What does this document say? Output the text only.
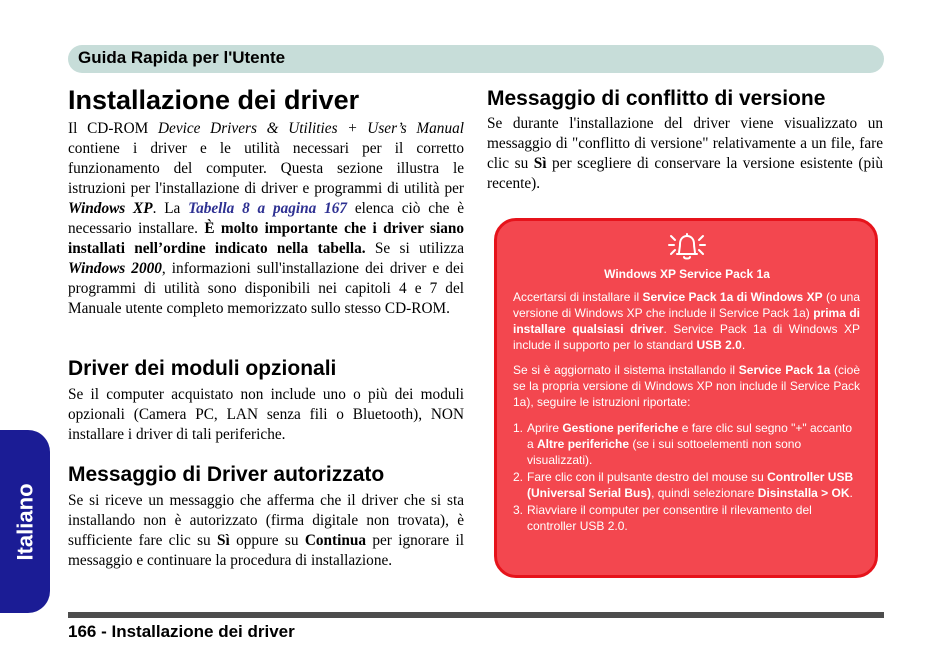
Guida Rapida per l'Utente
Italiano
Installazione dei driver

Il CD-ROM Device Drivers & Utilities + User’s Manual contiene i driver e le utilità necessari per il corretto funzionamento del computer. Questa sezione illustra le istruzioni per l'installazione di driver e programmi di utilità per Windows XP. La Tabella 8 a pagina 167 elenca ciò che è necessario installare. È molto importante che i driver siano installati nell’ordine indicato nella tabella. Se si utilizza Windows 2000, informazioni sull'installazione dei driver e dei programmi di utilità sono disponibili nei capitoli 4 e 7 del Manuale utente completo memorizzato sullo stesso CD-ROM.

Driver dei moduli opzionali

Se il computer acquistato non include uno o più dei moduli opzionali (Camera PC, LAN senza fili o Bluetooth), NON installare i driver di tali periferiche.

Messaggio di Driver autorizzato

Se si riceve un messaggio che afferma che il driver che si sta installando non è autorizzato (firma digitale non trovata), è sufficiente fare clic su Sì oppure su Continua per ignorare il messaggio e continuare la procedura di installazione.

Messaggio di conflitto di versione

Se durante l'installazione del driver viene visualizzato un messaggio di "conflitto di versione" relativamente a un file, fare clic su Sì per scegliere di conservare la versione esistente (più recente).

Windows XP Service Pack 1a

Accertarsi di installare il Service Pack 1a di Windows XP (o una versione di Windows XP che include il Service Pack 1a) prima di installare qualsiasi driver. Service Pack 1a di Windows XP include il supporto per lo standard USB 2.0.

Se si è aggiornato il sistema installando il Service Pack 1a (cioè se la propria versione di Windows XP non include il Service Pack 1a), seguire le istruzioni riportate:

1. Aprire Gestione periferiche e fare clic sul segno "+" accanto a Altre periferiche (se i sui sottoelementi non sono visualizzati).
2. Fare clic con il pulsante destro del mouse su Controller USB (Universal Serial Bus), quindi selezionare Disinstalla > OK.
3. Riavviare il computer per consentire il rilevamento del controller USB 2.0.
166 - Installazione dei driver
